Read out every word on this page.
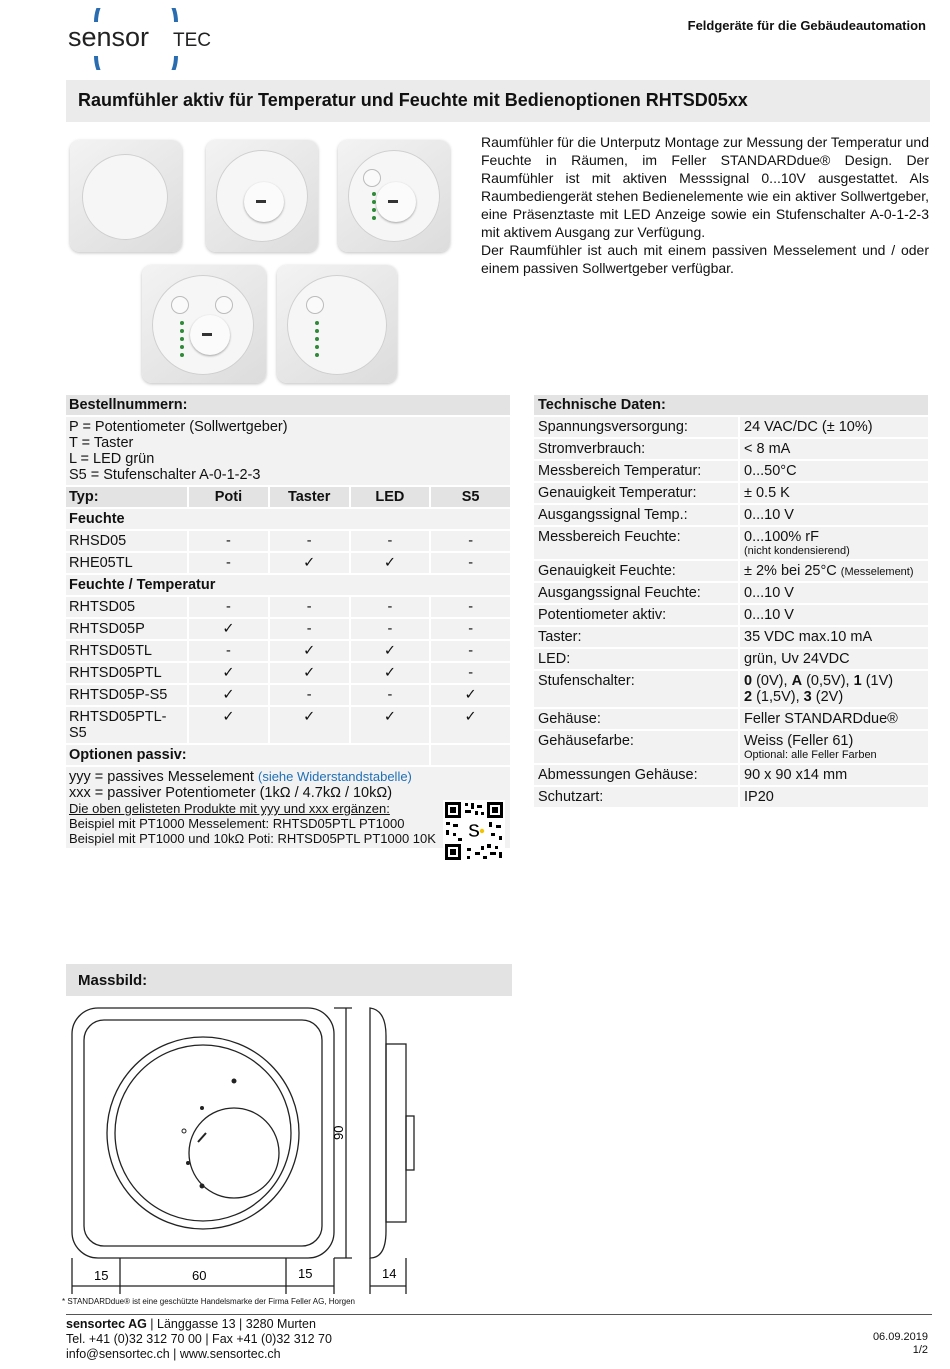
sensor TEC
Feldgeräte für die Gebäudeautomation
Raumfühler aktiv für Temperatur und Feuchte mit Bedienoptionen RHTSD05xx

Raumfühler für die Unterputz Montage zur Messung der Temperatur und Feuchte in Räumen, im Feller STANDARDdue® Design. Der Raumfühler ist mit aktiven Messsignal 0...10V ausgestattet. Als Raumbediengerät stehen Bedienelemente wie ein aktiver Sollwertgeber, eine Präsenztaste mit LED Anzeige sowie ein Stufenschalter A-0-1-2-3 mit aktivem Ausgang zur Verfügung.

Der Raumfühler ist auch mit einem passiven Messelement und / oder einem passiven Sollwertgeber verfügbar.

Bestellnummern:				

P = Potentiometer (Sollwertgeber)
T = Taster
L = LED grün
S5 = Stufenschalter A-0-1-2-3				

Typ:	Poti	Taster	LED	S5
Feuchte				
RHSD05	-	-	-	-
RHE05TL	-	✓	✓	-
Feuchte / Temperatur				
RHTSD05	-	-	-	-
RHTSD05P	✓	-	-	-
RHTSD05TL	-	✓	✓	-
RHTSD05PTL	✓	✓	✓	-
RHTSD05P-S5	✓	-	-	✓
RHTSD05PTL-S5	✓	✓	✓	✓
Optionen passiv:				

yyy = passives Messelement (siehe Widerstandstabelle)
xxx = passiver Potentiometer (1kΩ / 4.7kΩ / 10kΩ)
Die oben gelisteten Produkte mit yyy und xxx ergänzen:
Beispiel mit PT1000 Messelement: RHTSD05PTL PT1000
Beispiel mit PT1000 und 10kΩ Poti: RHTSD05PTL PT1000 10K				S
Technische Daten:	
Spannungsversorgung:	24 VAC/DC (± 10%)
Stromverbrauch:	< 8 mA
Messbereich Temperatur:	0...50°C
Genauigkeit Temperatur:	± 0.5 K
Ausgangssignal Temp.:	0...10 V
Messbereich Feuchte:	0...100% rF
(nicht kondensierend)

Genauigkeit Feuchte:	± 2% bei 25°C (Messelement)
Ausgangssignal Feuchte:	0...10 V
Potentiometer aktiv:	0...10 V
Taster:	35 VDC max.10 mA
LED:	grün, Uv 24VDC
Stufenschalter:	0 (0V), A (0,5V), 1 (1V)
2 (1,5V), 3 (2V)

Gehäuse:	Feller STANDARDdue®
Gehäusefarbe:	Weiss (Feller 61)
Optional: alle Feller Farben

Abmessungen Gehäuse:	90 x 90 x14 mm
Schutzart:	IP20
Massbild:
15	60	15	14
90
* STANDARDdue® ist eine geschützte Handelsmarke der Firma Feller AG, Horgen
sensortec AG | Länggasse 13 | 3280 Murten
Tel. +41 (0)32 312 70 00 | Fax +41 (0)32 312 70
info@sensortec.ch | www.sensortec.ch
06.09.2019
1/2
